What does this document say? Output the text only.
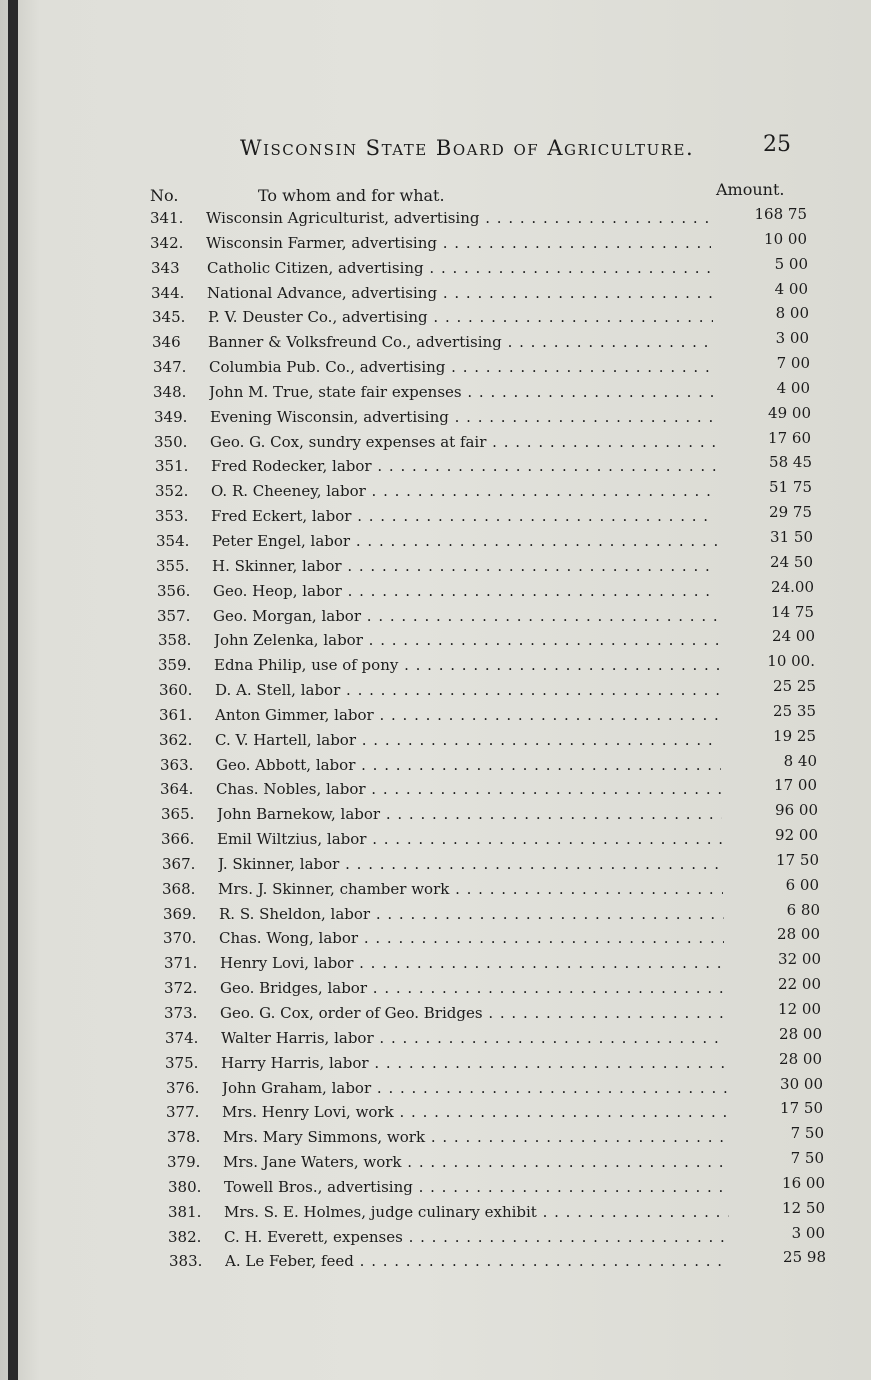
Wisconsin State Board of Agriculture.	25
No.	To whom and for what.	Amount.
341. Wisconsin Agriculturist, advertising . . .	168 75
342. Wisconsin Farmer, advertising . . .	10 00
343 Catholic Citizen, advertising . . .	5 00
344. National Advance, advertising . . .	4 00
345. P. V. Deuster Co., advertising . . .	8 00
346 Banner & Volksfreund Co., advertising . . .	3 00
347. Columbia Pub. Co., advertising . . .	7 00
348. John M. True, state fair expenses . . .	4 00
349. Evening Wisconsin, advertising . . .	49 00
350. Geo. G. Cox, sundry expenses at fair . . .	17 60
351. Fred Rodecker, labor . . .	58 45
352. O. R. Cheeney, labor . . .	51 75
353. Fred Eckert, labor . . .	29 75
354. Peter Engel, labor . . .	31 50
355. H. Skinner, labor . . .	24 50
356. Geo. Heop, labor . . .	24.00
357. Geo. Morgan, labor . . .	14 75
358. John Zelenka, labor . . .	24 00
359. Edna Philip, use of pony . . .	10 00.
360. D. A. Stell, labor . . .	25 25
361. Anton Gimmer, labor . . .	25 35
362. C. V. Hartell, labor . . .	19 25
363. Geo. Abbott, labor . . .	8 40
364. Chas. Nobles, labor . . .	17 00
365. John Barnekow, labor . . .	96 00
366. Emil Wiltzius, labor . . .	92 00
367. J. Skinner, labor . . .	17 50
368. Mrs. J. Skinner, chamber work . . .	6 00
369. R. S. Sheldon, labor . . .	6 80
370. Chas. Wong, labor . . .	28 00
371. Henry Lovi, labor . . .	32 00
372. Geo. Bridges, labor . . .	22 00
373. Geo. G. Cox, order of Geo. Bridges . . .	12 00
374. Walter Harris, labor . . .	28 00
375. Harry Harris, labor . . .	28 00
376. John Graham, labor . . .	30 00
377. Mrs. Henry Lovi, work . . .	17 50
378. Mrs. Mary Simmons, work . . .	7 50
379. Mrs. Jane Waters, work . . .	7 50
380. Towell Bros., advertising . . .	16 00
381. Mrs. S. E. Holmes, judge culinary exhibit . . .	12 50
382. C. H. Everett, expenses . . .	3 00
383. A. Le Feber, feed . . .	25 98
